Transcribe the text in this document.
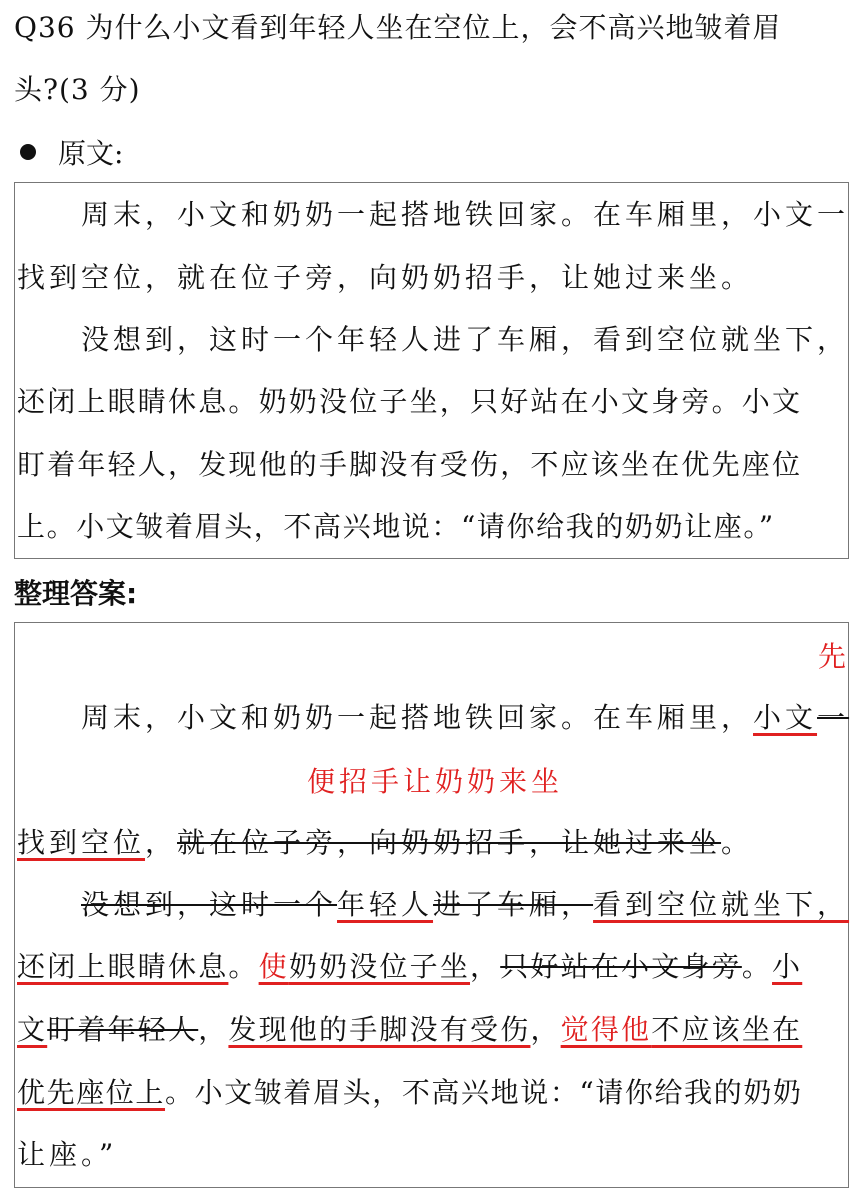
Q36 为什么小文看到年轻人坐在空位上，会不高兴地皱着眉
头?(3 分)
原文:
周末，小文和奶奶一起搭地铁回家。在车厢里，小文一
找到空位，就在位子旁，向奶奶招手，让她过来坐。
没想到，这时一个年轻人进了车厢，看到空位就坐下，
还闭上眼睛休息。奶奶没位子坐，只好站在小文身旁。小文
盯着年轻人，发现他的手脚没有受伤，不应该坐在优先座位
上。小文皱着眉头，不高兴地说：“请你给我的奶奶让座。”
整理答案:
先
周末，小文和奶奶一起搭地铁回家。在车厢里，小文一
便招手让奶奶来坐
找到空位，就在位子旁，向奶奶招手，让她过来坐。
没想到，这时一个年轻人进了车厢，看到空位就坐下，
还闭上眼睛休息。使奶奶没位子坐，只好站在小文身旁。小
文盯着年轻人，发现他的手脚没有受伤，觉得他不应该坐在
优先座位上。小文皱着眉头，不高兴地说：“请你给我的奶奶
让座。”
